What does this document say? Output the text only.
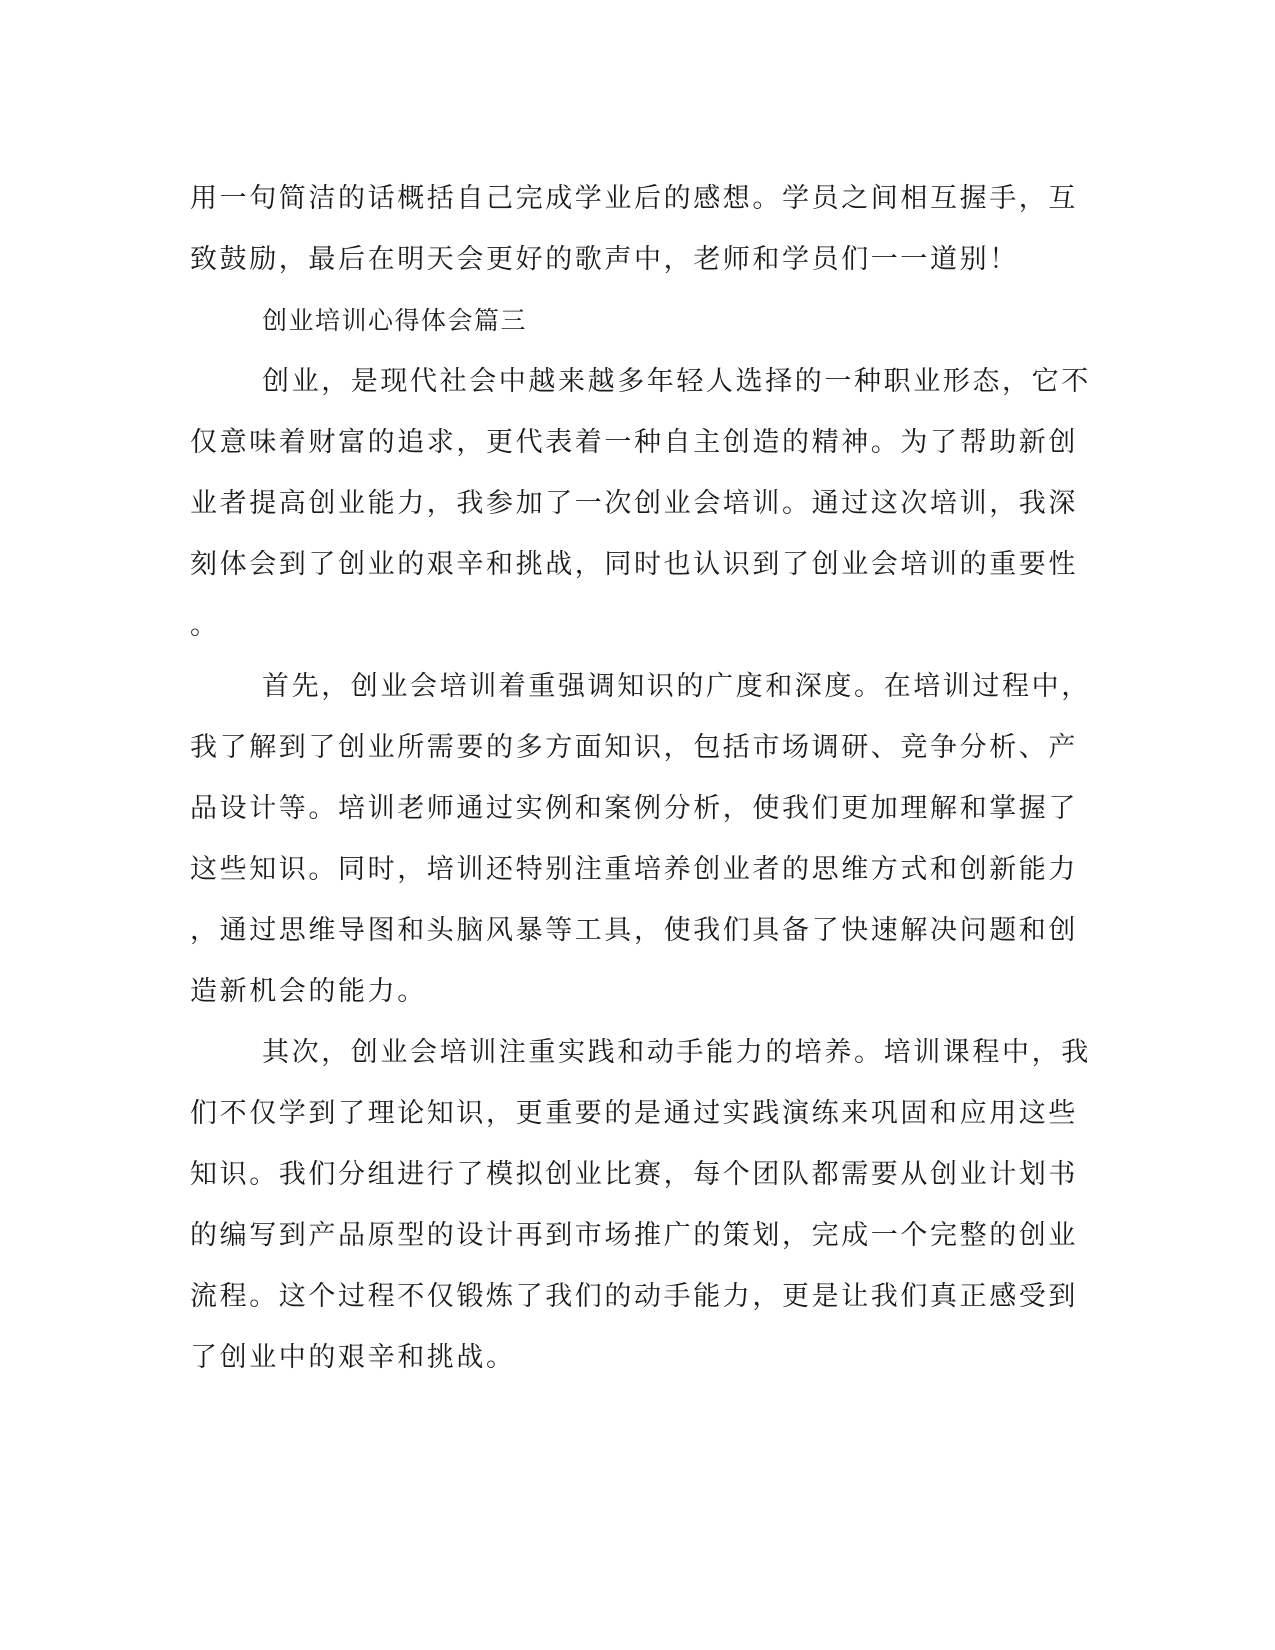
用一句简洁的话概括自己完成学业后的感想。学员之间相互握手，互
致鼓励，最后在明天会更好的歌声中，老师和学员们一一道别！
创业培训心得体会篇三
创业，是现代社会中越来越多年轻人选择的一种职业形态，它不
仅意味着财富的追求，更代表着一种自主创造的精神。为了帮助新创
业者提高创业能力，我参加了一次创业会培训。通过这次培训，我深
刻体会到了创业的艰辛和挑战，同时也认识到了创业会培训的重要性
。
首先，创业会培训着重强调知识的广度和深度。在培训过程中，
我了解到了创业所需要的多方面知识，包括市场调研、竞争分析、产
品设计等。培训老师通过实例和案例分析，使我们更加理解和掌握了
这些知识。同时，培训还特别注重培养创业者的思维方式和创新能力
，通过思维导图和头脑风暴等工具，使我们具备了快速解决问题和创
造新机会的能力。
其次，创业会培训注重实践和动手能力的培养。培训课程中，我
们不仅学到了理论知识，更重要的是通过实践演练来巩固和应用这些
知识。我们分组进行了模拟创业比赛，每个团队都需要从创业计划书
的编写到产品原型的设计再到市场推广的策划，完成一个完整的创业
流程。这个过程不仅锻炼了我们的动手能力，更是让我们真正感受到
了创业中的艰辛和挑战。
